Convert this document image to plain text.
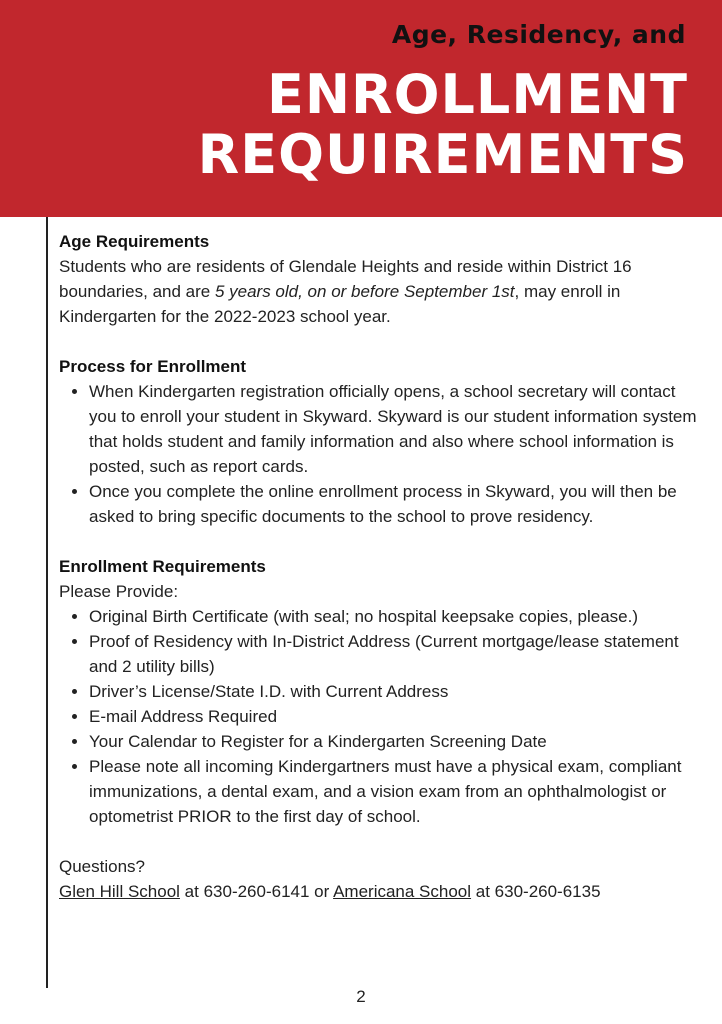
Age, Residency, and
ENROLLMENT
REQUIREMENTS

Age Requirements

Students who are residents of Glendale Heights and reside within District 16 boundaries, and are 5 years old, on or before September 1st, may enroll in Kindergarten for the 2022-2023 school year.

Process for Enrollment

• When Kindergarten registration officially opens, a school secretary will contact you to enroll your student in Skyward. Skyward is our student information system that holds student and family information and also where school information is posted, such as report cards.
• Once you complete the online enrollment process in Skyward, you will then be asked to bring specific documents to the school to prove residency.

Enrollment Requirements

Please Provide:

• Original Birth Certificate (with seal; no hospital keepsake copies, please.)
• Proof of Residency with In-District Address (Current mortgage/lease statement and 2 utility bills)
• Driver’s License/State I.D. with Current Address
• E-mail Address Required
• Your Calendar to Register for a Kindergarten Screening Date
• Please note all incoming Kindergartners must have a physical exam, compliant immunizations, a dental exam, and a vision exam from an ophthalmologist or optometrist PRIOR to the first day of school.

Questions?

Glen Hill School at 630-260-6141 or Americana School at 630-260-6135

2
